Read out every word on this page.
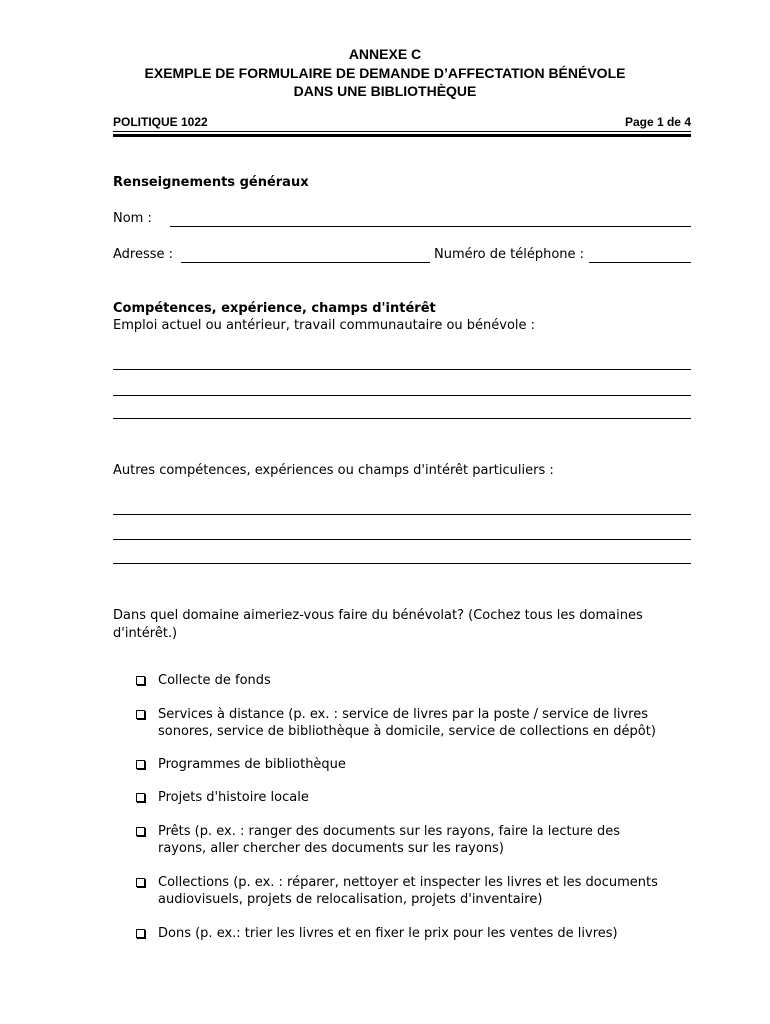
ANNEXE C
EXEMPLE DE FORMULAIRE DE DEMANDE D’AFFECTATION BÉNÉVOLE
DANS UNE BIBLIOTHÈQUE
POLITIQUE 1022	Page 1 de 4
Renseignements généraux
Nom :
Adresse :	Numéro de téléphone :
Compétences, expérience, champs d'intérêt
Emploi actuel ou antérieur, travail communautaire ou bénévole :
Autres compétences, expériences ou champs d'intérêt particuliers :
Dans quel domaine aimeriez-vous faire du bénévolat? (Cochez tous les domaines
d'intérêt.)
Collecte de fonds
Services à distance (p. ex. : service de livres par la poste / service de livres
sonores, service de bibliothèque à domicile, service de collections en dépôt)
Programmes de bibliothèque
Projets d'histoire locale
Prêts (p. ex. : ranger des documents sur les rayons, faire la lecture des
rayons, aller chercher des documents sur les rayons)
Collections (p. ex. : réparer, nettoyer et inspecter les livres et les documents
audiovisuels, projets de relocalisation, projets d'inventaire)
Dons (p. ex.: trier les livres et en fixer le prix pour les ventes de livres)
